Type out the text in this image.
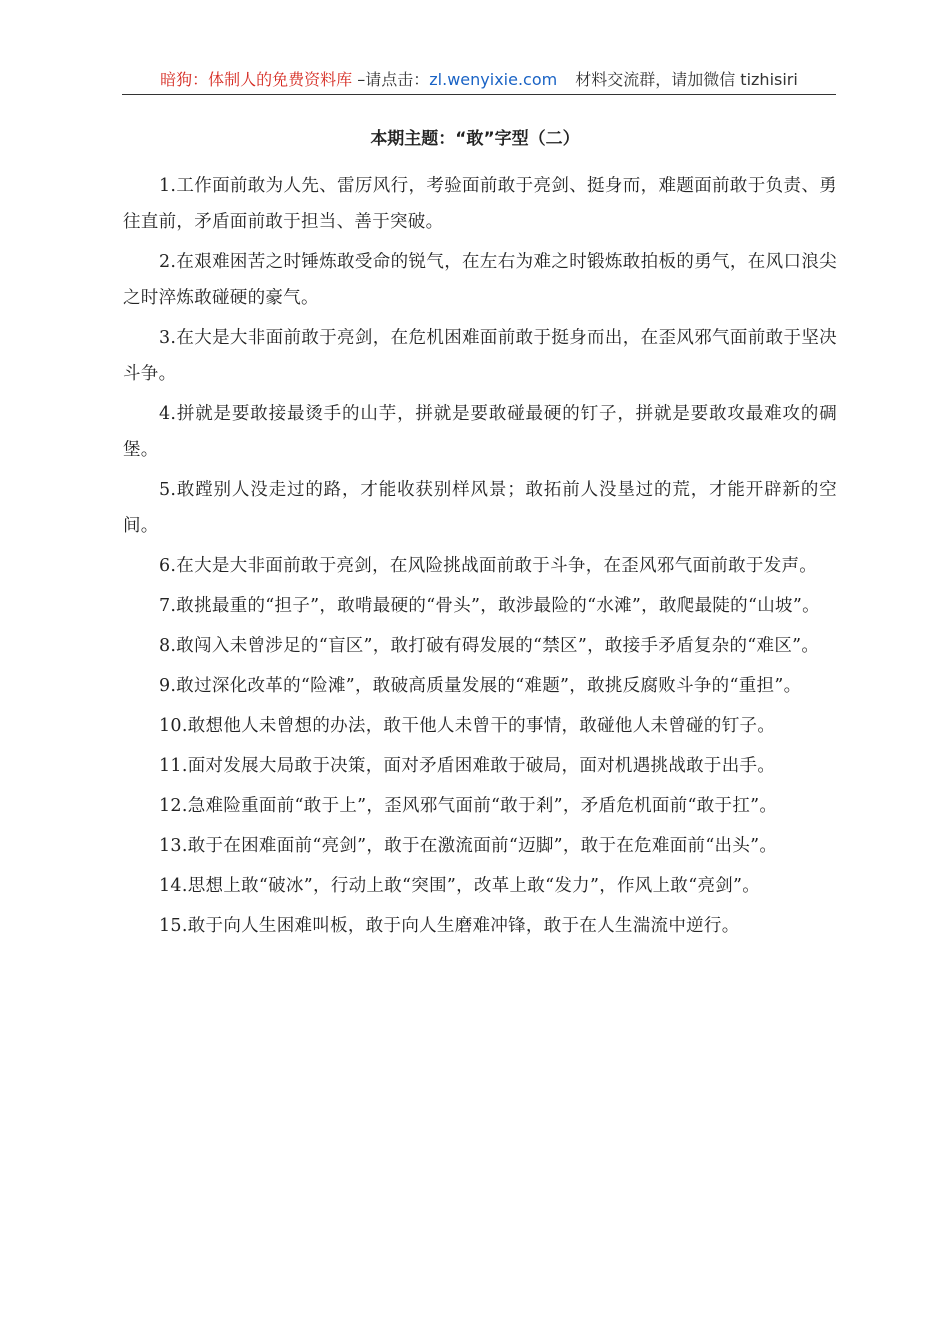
暗狗：体制人的免费资料库 –请点击：zl.wenyixie.com 材料交流群，请加微信 tizhisiri
本期主题：“敢”字型（二）

1.工作面前敢为人先、雷厉风行，考验面前敢于亮剑、挺身而，难题面前敢于负责、勇往直前，矛盾面前敢于担当、善于突破。

2.在艰难困苦之时锤炼敢受命的锐气，在左右为难之时锻炼敢拍板的勇气，在风口浪尖之时淬炼敢碰硬的豪气。

3.在大是大非面前敢于亮剑，在危机困难面前敢于挺身而出，在歪风邪气面前敢于坚决斗争。

4.拼就是要敢接最烫手的山芋，拼就是要敢碰最硬的钉子，拼就是要敢攻最难攻的碉堡。

5.敢蹚别人没走过的路，才能收获别样风景；敢拓前人没垦过的荒，才能开辟新的空间。

6.在大是大非面前敢于亮剑，在风险挑战面前敢于斗争，在歪风邪气面前敢于发声。

7.敢挑最重的“担子”，敢啃最硬的“骨头”，敢涉最险的“水滩”，敢爬最陡的“山坡”。

8.敢闯入未曾涉足的“盲区”，敢打破有碍发展的“禁区”，敢接手矛盾复杂的“难区”。

9.敢过深化改革的“险滩”，敢破高质量发展的“难题”，敢挑反腐败斗争的“重担”。

10.敢想他人未曾想的办法，敢干他人未曾干的事情，敢碰他人未曾碰的钉子。

11.面对发展大局敢于决策，面对矛盾困难敢于破局，面对机遇挑战敢于出手。

12.急难险重面前“敢于上”，歪风邪气面前“敢于剎”，矛盾危机面前“敢于扛”。

13.敢于在困难面前“亮剑”，敢于在激流面前“迈脚”，敢于在危难面前“出头”。

14.思想上敢“破冰”，行动上敢“突围”，改革上敢“发力”，作风上敢“亮剑”。

15.敢于向人生困难叫板，敢于向人生磨难冲锋，敢于在人生湍流中逆行。
